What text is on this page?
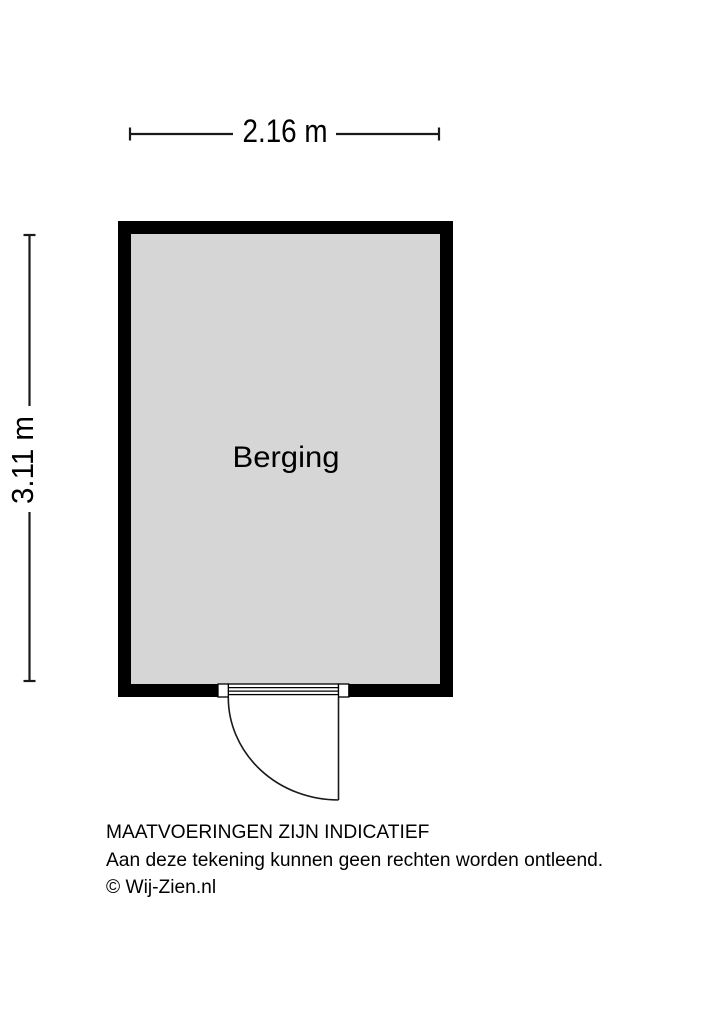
Berging
2.16 m
3.11 m
MAATVOERINGEN ZIJN INDICATIEF
Aan deze tekening kunnen geen rechten worden ontleend.
© Wij-Zien.nl
